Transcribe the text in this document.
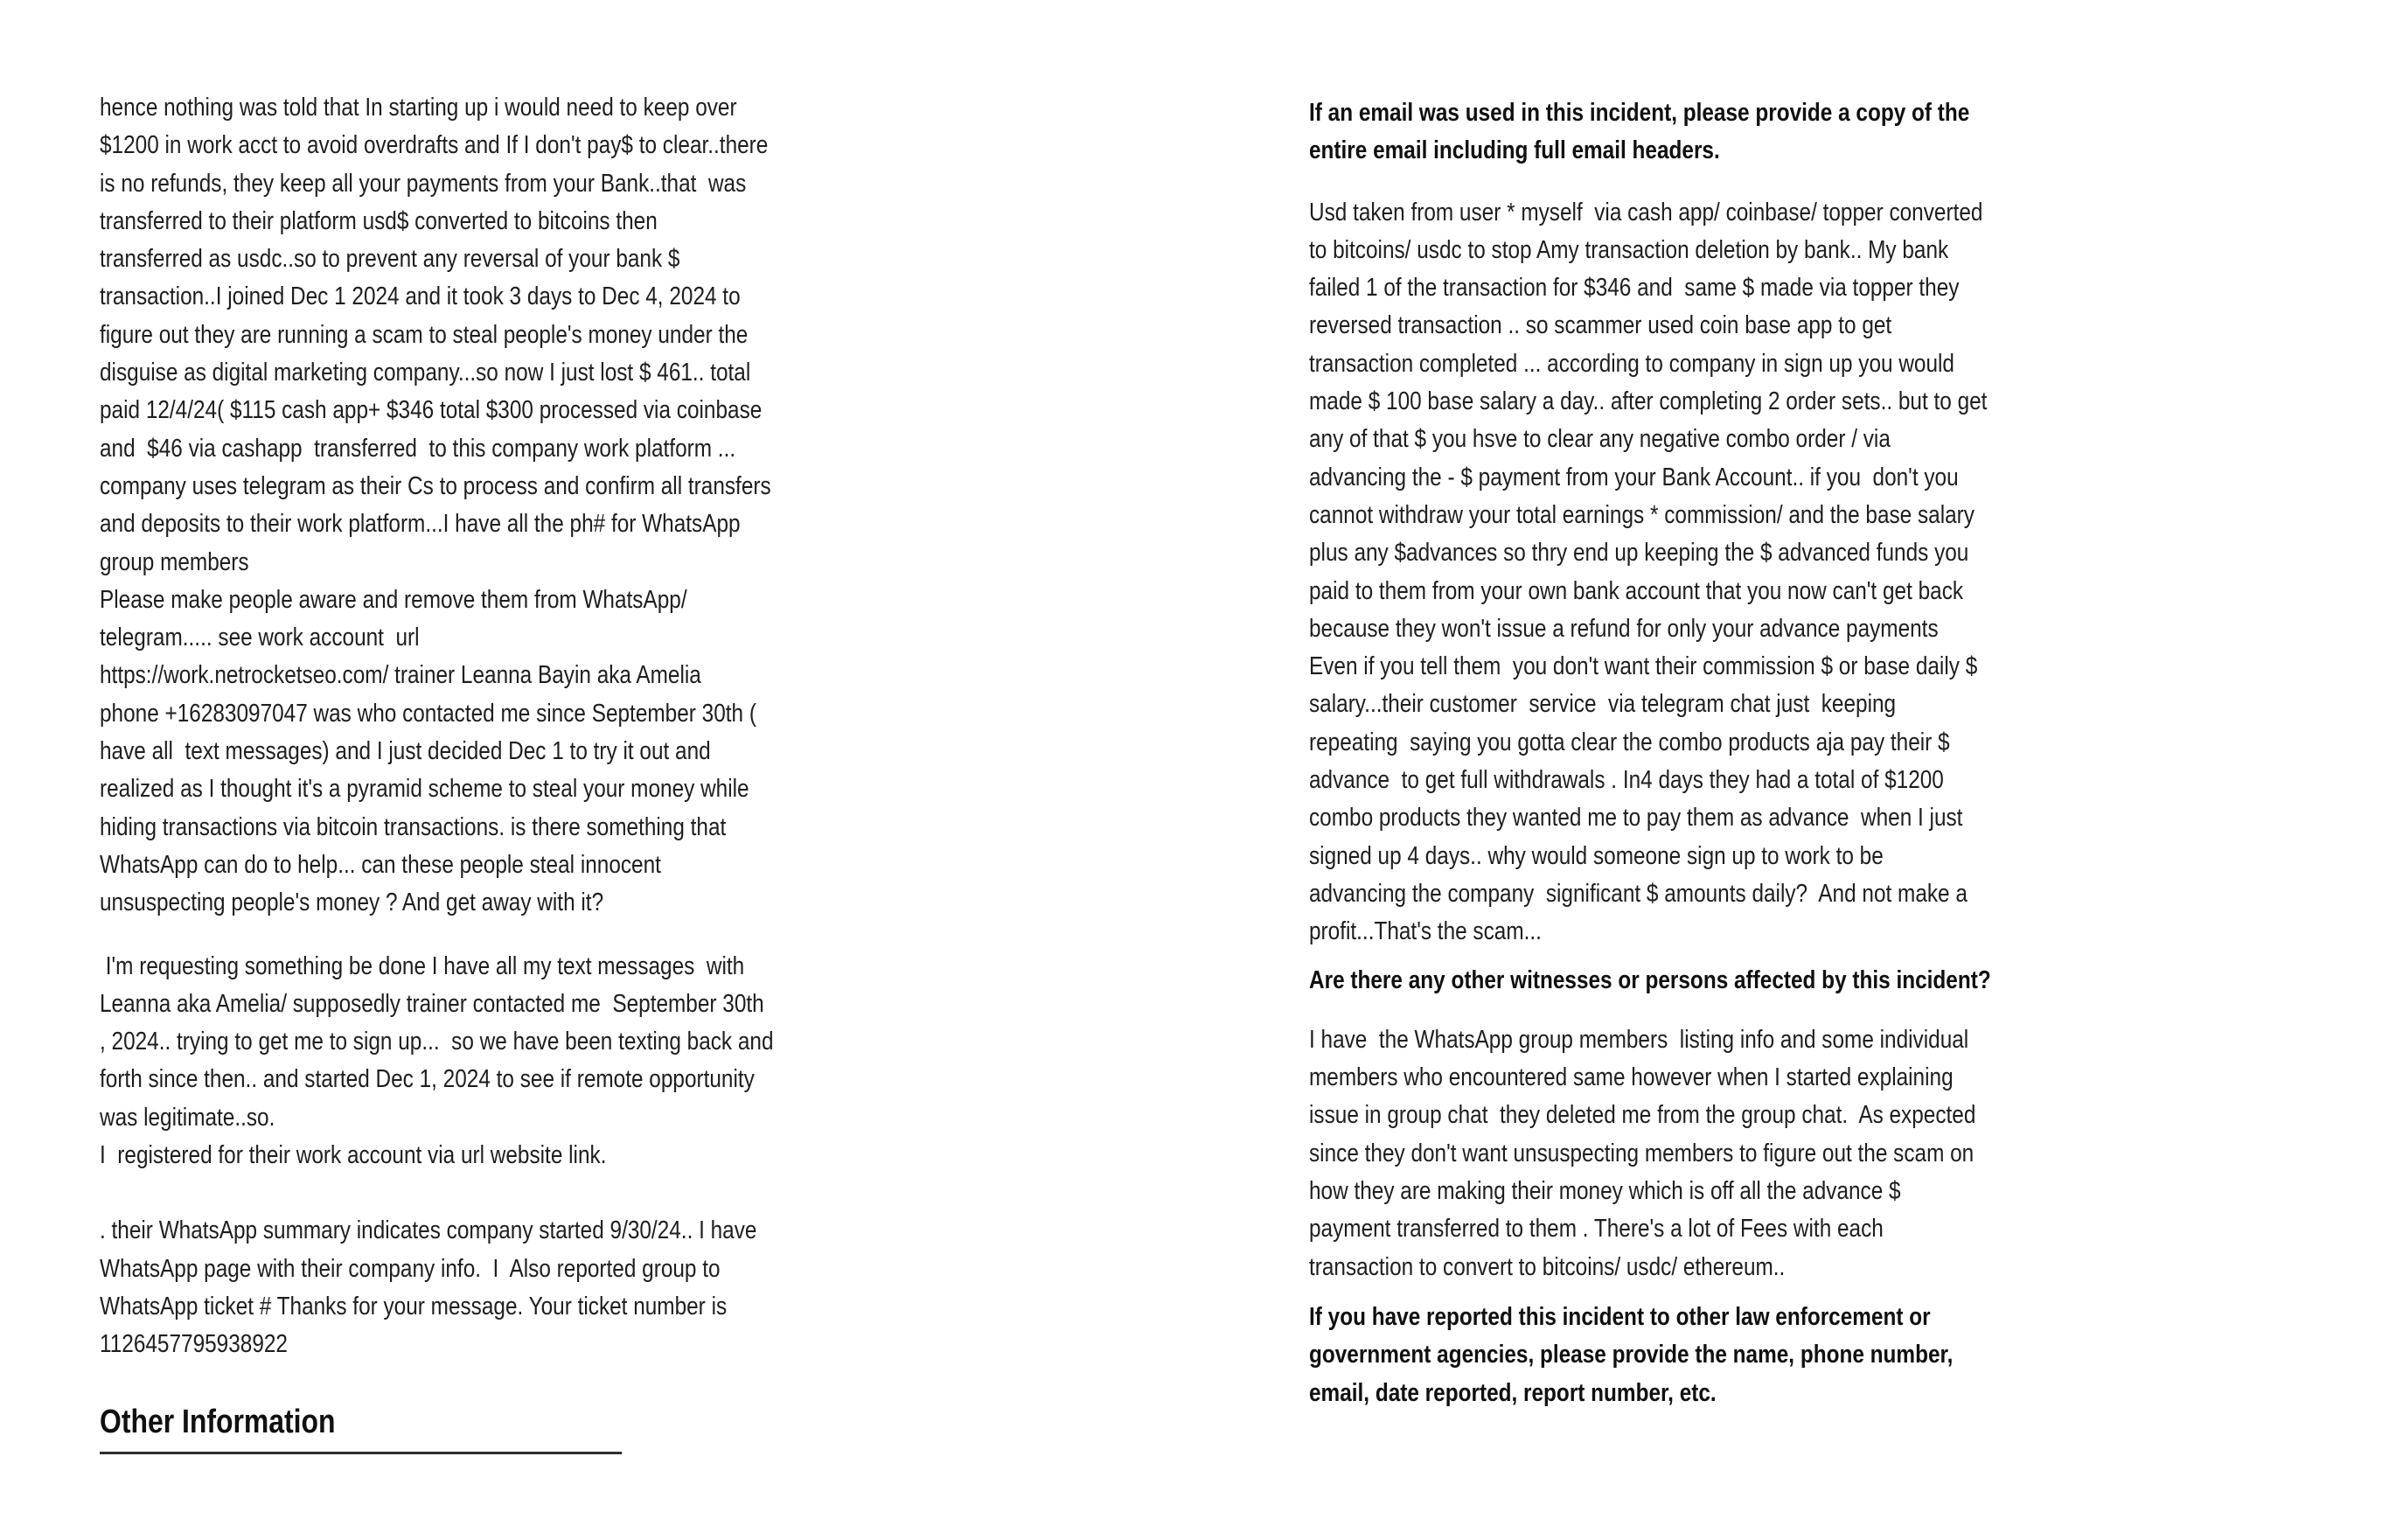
hence nothing was told that In starting up i would need to keep over
$1200 in work acct to avoid overdrafts and If I don't pay$ to clear..there
is no refunds, they keep all your payments from your Bank..that  was
transferred to their platform usd$ converted to bitcoins then
transferred as usdc..so to prevent any reversal of your bank $
transaction..I joined Dec 1 2024 and it took 3 days to Dec 4, 2024 to
figure out they are running a scam to steal people's money under the
disguise as digital marketing company...so now I just lost $ 461.. total
paid 12/4/24( $115 cash app+ $346 total $300 processed via coinbase
and  $46 via cashapp  transferred  to this company work platform ...
company uses telegram as their Cs to process and confirm all transfers
and deposits to their work platform...I have all the ph# for WhatsApp
group members
Please make people aware and remove them from WhatsApp/
telegram..... see work account  url
https://work.netrocketseo.com/ trainer Leanna Bayin aka Amelia
phone +16283097047 was who contacted me since September 30th (
have all  text messages) and I just decided Dec 1 to try it out and
realized as I thought it's a pyramid scheme to steal your money while
hiding transactions via bitcoin transactions. is there something that
WhatsApp can do to help... can these people steal innocent
unsuspecting people's money ? And get away with it?
I'm requesting something be done I have all my text messages  with
Leanna aka Amelia/ supposedly trainer contacted me  September 30th
, 2024.. trying to get me to sign up...  so we have been texting back and
forth since then.. and started Dec 1, 2024 to see if remote opportunity
was legitimate..so.
I  registered for their work account via url website link.
. their WhatsApp summary indicates company started 9/30/24.. I have
WhatsApp page with their company info.  I  Also reported group to
WhatsApp ticket # Thanks for your message. Your ticket number is
1126457795938922
Other Information
If an email was used in this incident, please provide a copy of the
entire email including full email headers.
Usd taken from user * myself  via cash app/ coinbase/ topper converted
to bitcoins/ usdc to stop Amy transaction deletion by bank.. My bank
failed 1 of the transaction for $346 and  same $ made via topper they
reversed transaction .. so scammer used coin base app to get
transaction completed ... according to company in sign up you would
made $ 100 base salary a day.. after completing 2 order sets.. but to get
any of that $ you hsve to clear any negative combo order / via
advancing the - $ payment from your Bank Account.. if you  don't you
cannot withdraw your total earnings * commission/ and the base salary
plus any $advances so thry end up keeping the $ advanced funds you
paid to them from your own bank account that you now can't get back
because they won't issue a refund for only your advance payments
Even if you tell them  you don't want their commission $ or base daily $
salary...their customer  service  via telegram chat just  keeping
repeating  saying you gotta clear the combo products aja pay their $
advance  to get full withdrawals . In4 days they had a total of $1200
combo products they wanted me to pay them as advance  when I just
signed up 4 days.. why would someone sign up to work to be
advancing the company  significant $ amounts daily?  And not make a
profit...That's the scam...
Are there any other witnesses or persons affected by this incident?
I have  the WhatsApp group members  listing info and some individual
members who encountered same however when I started explaining
issue in group chat  they deleted me from the group chat.  As expected
since they don't want unsuspecting members to figure out the scam on
how they are making their money which is off all the advance $
payment transferred to them . There's a lot of Fees with each
transaction to convert to bitcoins/ usdc/ ethereum..
If you have reported this incident to other law enforcement or
government agencies, please provide the name, phone number,
email, date reported, report number, etc.
